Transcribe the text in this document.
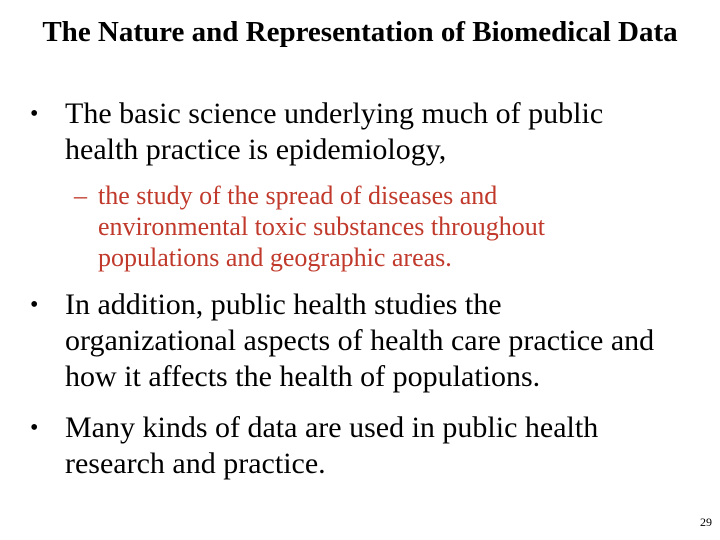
The Nature and Representation of Biomedical Data
• The basic science underlying much of public health practice is epidemiology,
– the study of the spread of diseases and environmental toxic substances throughout populations and geographic areas.
• In addition, public health studies the organizational aspects of health care practice and how it affects the health of populations.
• Many kinds of data are used in public health research and practice.
29
